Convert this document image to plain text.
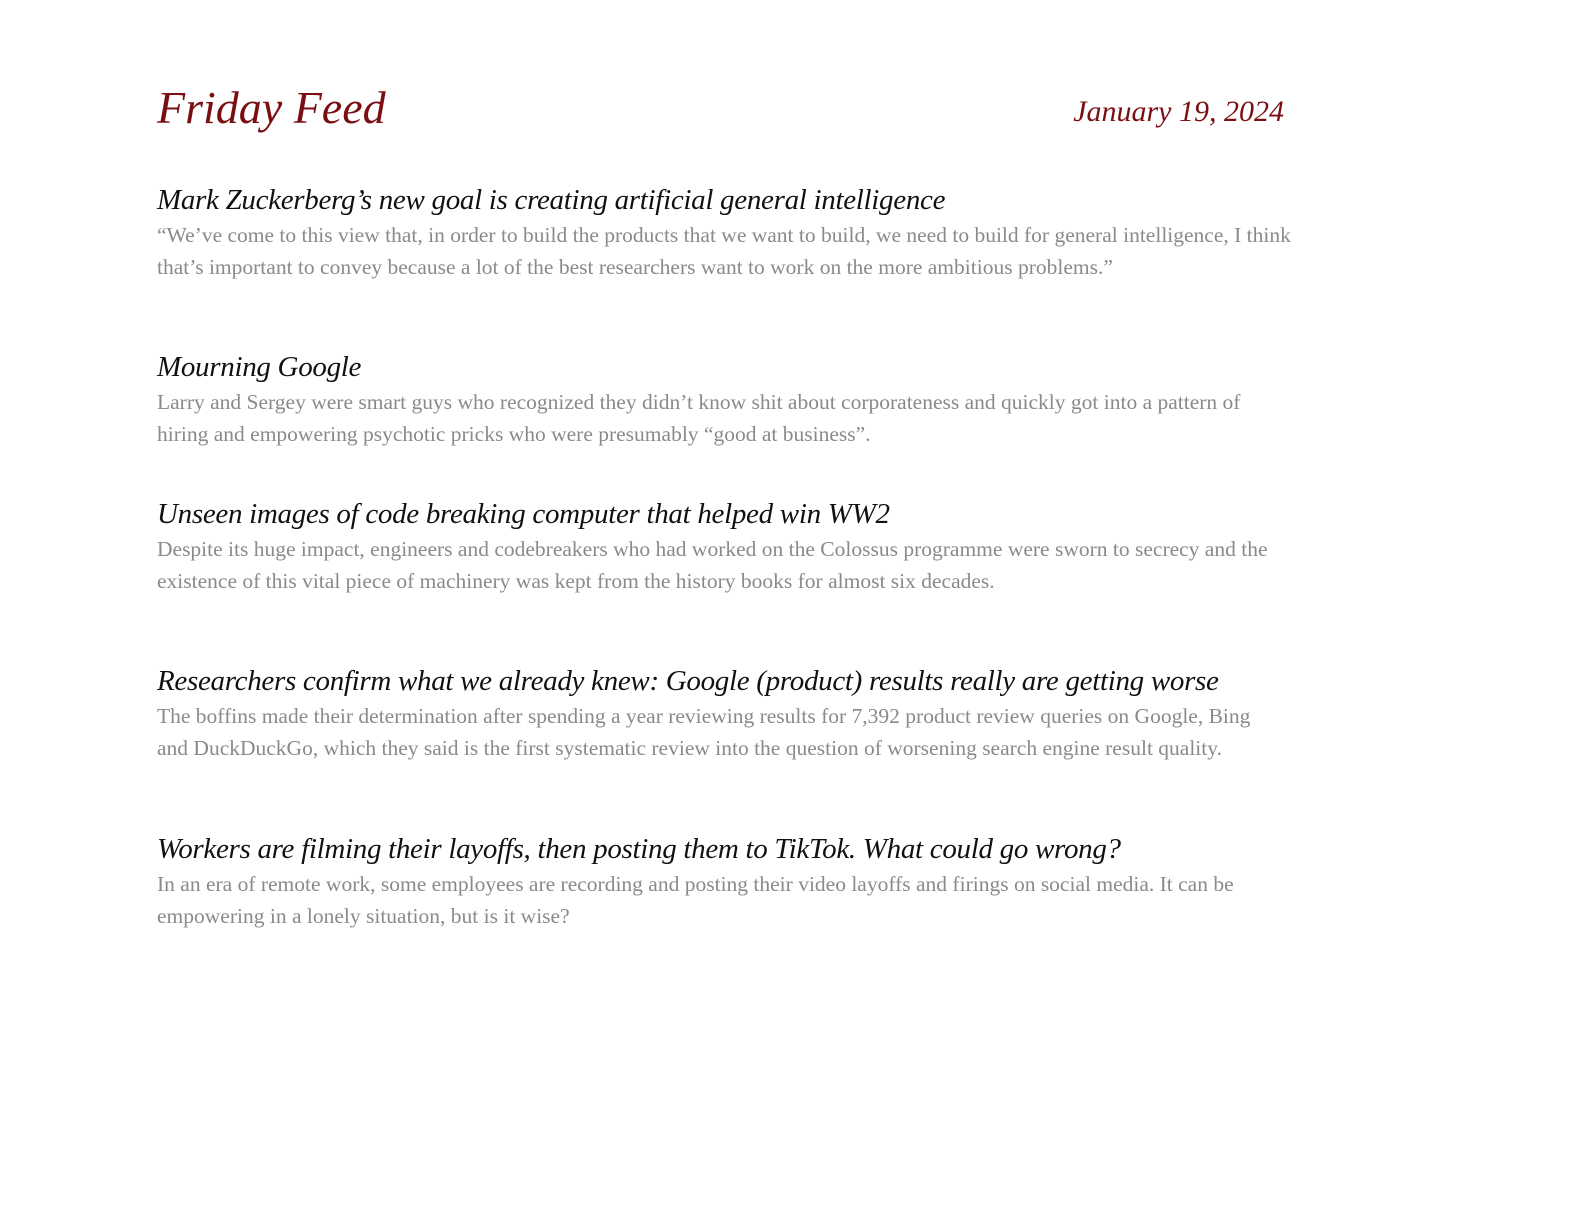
Friday Feed	January 19, 2024
Mark Zuckerberg’s new goal is creating artificial general intelligence

“We’ve come to this view that, in order to build the products that we want to build, we need to build for general intelligence, I think that’s important to convey because a lot of the best researchers want to work on the more ambitious problems.”

Mourning Google

Larry and Sergey were smart guys who recognized they didn’t know shit about corporateness and quickly got into a pattern of hiring and empowering psychotic pricks who were presumably “good at business”.

Unseen images of code breaking computer that helped win WW2

Despite its huge impact, engineers and codebreakers who had worked on the Colossus programme were sworn to secrecy and the existence of this vital piece of machinery was kept from the history books for almost six decades.

Researchers confirm what we already knew: Google (product) results really are getting worse

The boffins made their determination after spending a year reviewing results for 7,392 product review queries on Google, Bing and DuckDuckGo, which they said is the first systematic review into the question of worsening search engine result quality.

Workers are filming their layoffs, then posting them to TikTok. What could go wrong?

In an era of remote work, some employees are recording and posting their video layoffs and firings on social media. It can be empowering in a lonely situation, but is it wise?
